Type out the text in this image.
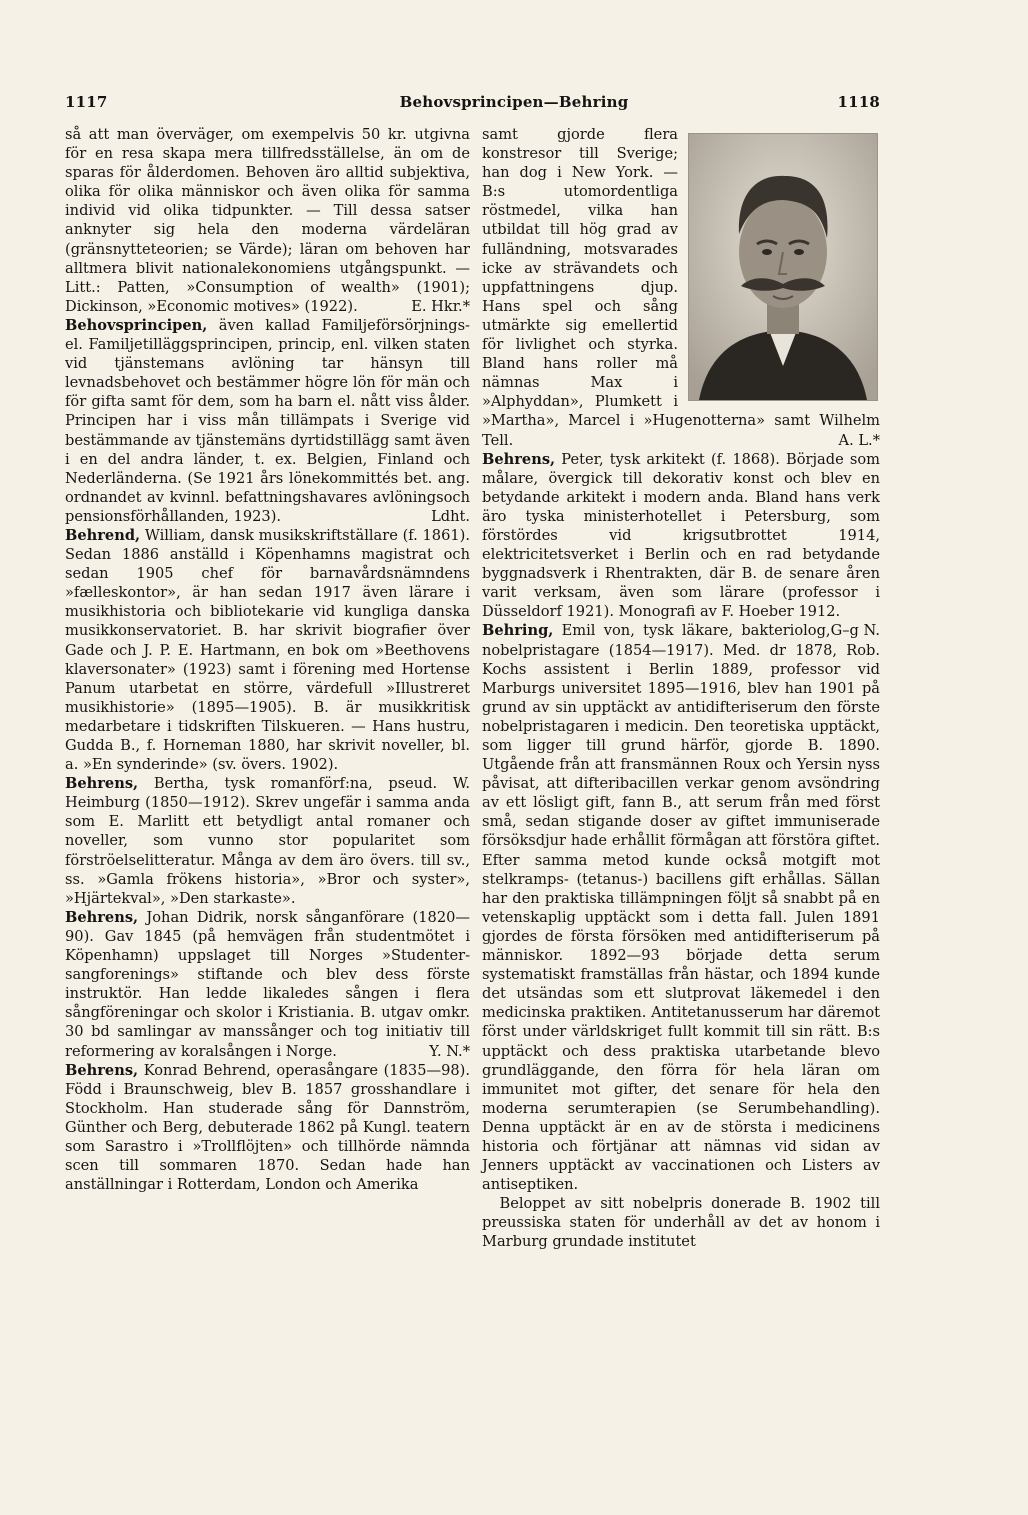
1117	Behovsprincipen—Behring	1118

så att man överväger, om exempelvis 50 kr. utgivna för en resa skapa mera tillfredsställelse, än om de sparas för ålderdomen. Behoven äro alltid subjektiva, olika för olika människor och även olika för samma individ vid olika tidpunkter. — Till dessa satser anknyter sig hela den moderna värdeläran (gränsnytteteorien; se Värde); läran om behoven har alltmera blivit nationalekonomiens utgångspunkt. — Litt.: Patten, »Consumption of wealth» (1901); Dickinson, »Economic motives» (1922).	E. Hkr.*

Behovsprincipen, även kallad Familjeförsörjnings- el. Familjetilläggsprincipen, princip, enl. vilken staten vid tjänstemans avlöning tar hänsyn till levnadsbehovet och bestämmer högre lön för män och för gifta samt för dem, som ha barn el. nått viss ålder. Principen har i viss mån tillämpats i Sverige vid bestämmande av tjänstemäns dyrtidstillägg samt även i en del andra länder, t. ex. Belgien, Finland och Nederländerna. (Se 1921 års lönekommittés bet. ang. ordnandet av kvinnl. befattningshavares avlöningsoch pensionsförhållanden, 1923).	Ldht.

Behrend, William, dansk musikskriftställare (f. 1861). Sedan 1886 anställd i Köpenhamns magistrat och sedan 1905 chef för barnavårdsnämndens »fælleskontor», är han sedan 1917 även lärare i musikhistoria och bibliotekarie vid kungliga danska musikkonservatoriet. B. har skrivit biografier över Gade och J. P. E. Hartmann, en bok om »Beethovens klaversonater» (1923) samt i förening med Hortense Panum utarbetat en större, värdefull »Illustreret musikhistorie» (1895—1905). B. är musikkritisk medarbetare i tidskriften Tilskueren. — Hans hustru, Gudda B., f. Horneman 1880, har skrivit noveller, bl. a. »En synderinde» (sv. övers. 1902).

Behrens, Bertha, tysk romanförf:na, pseud. W. Heimburg (1850—1912). Skrev ungefär i samma anda som E. Marlitt ett betydligt antal romaner och noveller, som vunno stor popularitet som förströelselitteratur. Många av dem äro övers. till sv., ss. »Gamla frökens historia», »Bror och syster», »Hjärtekval», »Den starkaste».

Behrens, Johan Didrik, norsk sånganförare (1820—90). Gav 1845 (på hemvägen från studentmötet i Köpenhamn) uppslaget till Norges »Studenter-sangforenings» stiftande och blev dess förste instruktör. Han ledde likaledes sången i flera sångföreningar och skolor i Kristiania. B. utgav omkr. 30 bd samlingar av manssånger och tog initiativ till reformering av koralsången i Norge.	Y. N.*

Behrens, Konrad Behrend, operasångare (1835—98). Född i Braunschweig, blev B. 1857 grosshandlare i Stockholm. Han studerade sång för Dannström, Günther och Berg, debuterade 1862 på Kungl. teatern som Sarastro i »Trollflöjten» och tillhörde nämnda scen till sommaren 1870. Sedan hade han anställningar i Rotterdam, London och Amerika

samt gjorde flera konstresor till Sverige; han dog i New York. — B:s utomordentliga röstmedel, vilka han utbildat till hög grad av fulländning, motsvarades icke av strävandets och uppfattningens djup. Hans spel och sång utmärkte sig emellertid för livlighet och styrka. Bland hans roller må nämnas Max i »Alphyddan», Plumkett i »Martha», Marcel i »Hugenotterna» samt Wilhelm Tell.	A. L.*

Behrens, Peter, tysk arkitekt (f. 1868). Började som målare, övergick till dekorativ konst och blev en betydande arkitekt i modern anda. Bland hans verk äro tyska ministerhotellet i Petersburg, som förstördes vid krigsutbrottet 1914, elektricitetsverket i Berlin och en rad betydande byggnadsverk i Rhentrakten, där B. de senare åren varit verksam, även som lärare (professor i Düsseldorf 1921). Monografi av F. Hoeber 1912.
G–g N.

Behring, Emil von, tysk läkare, bakteriolog, nobelpristagare (1854—1917). Med. dr 1878, Rob. Kochs assistent i Berlin 1889, professor vid Marburgs universitet 1895—1916, blev han 1901 på grund av sin upptäckt av antidifteriserum den förste nobelpristagaren i medicin. Den teoretiska upptäckt, som ligger till grund härför, gjorde B. 1890. Utgående från att fransmännen Roux och Yersin nyss påvisat, att difteribacillen verkar genom avsöndring av ett lösligt gift, fann B., att serum från med först små, sedan stigande doser av giftet immuniserade försöksdjur hade erhållit förmågan att förstöra giftet. Efter samma metod kunde också motgift mot stelkramps- (tetanus-) bacillens gift erhållas. Sällan har den praktiska tillämpningen följt så snabbt på en vetenskaplig upptäckt som i detta fall. Julen 1891 gjordes de första försöken med antidifteriserum på människor. 1892—93 började detta serum systematiskt framställas från hästar, och 1894 kunde det utsändas som ett slutprovat läkemedel i den medicinska praktiken. Antitetanusserum har däremot först under världskriget fullt kommit till sin rätt. B:s upptäckt och dess praktiska utarbetande blevo grundläggande, den förra för hela läran om immunitet mot gifter, det senare för hela den moderna serumterapien (se Serumbehandling). Denna upptäckt är en av de största i medicinens historia och förtjänar att nämnas vid sidan av Jenners upptäckt av vaccinationen och Listers av antiseptiken.

Beloppet av sitt nobelpris donerade B. 1902 till preussiska staten för underhåll av det av honom i Marburg grundade institutet
